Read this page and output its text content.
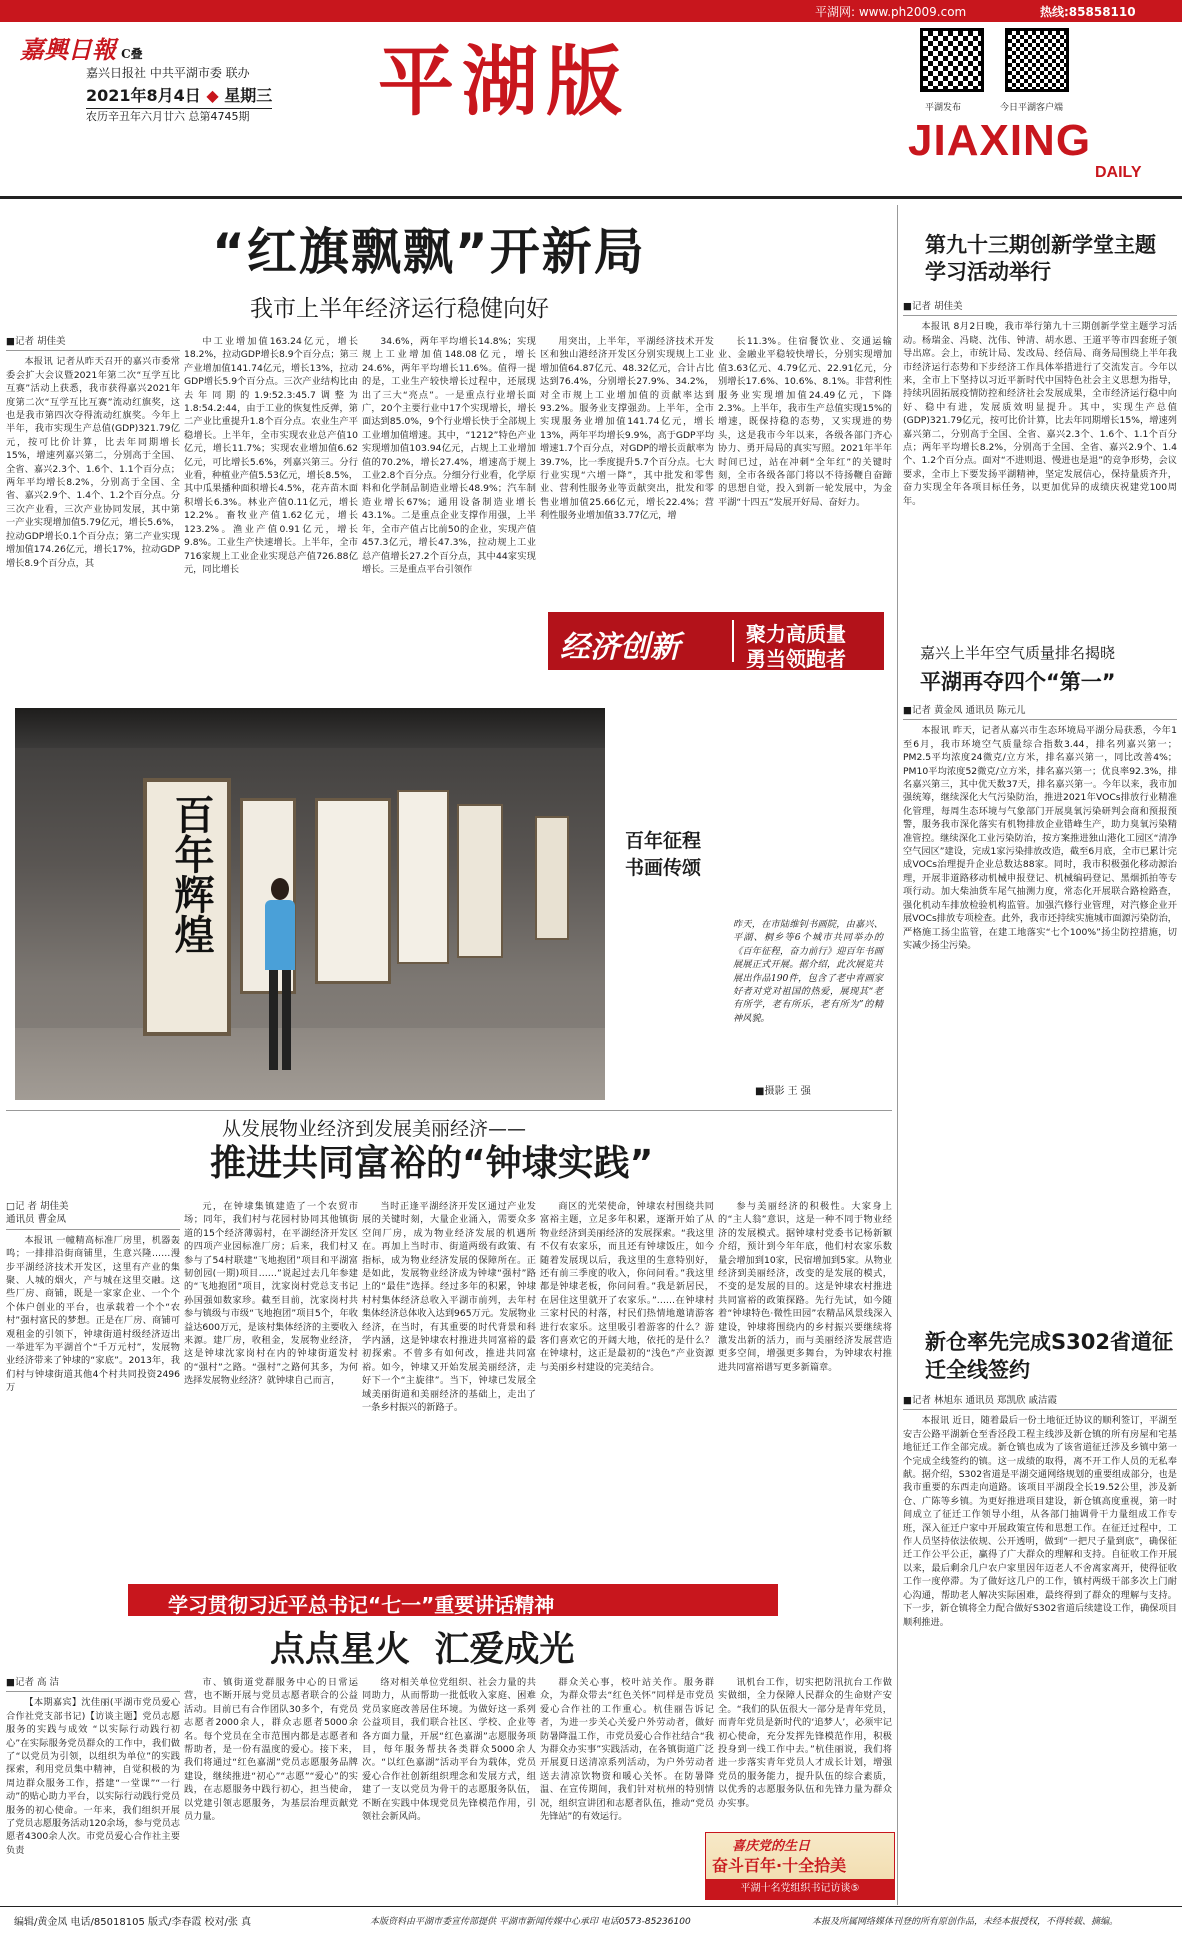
平湖网: www.ph2009.com	热线:85858110
嘉興日報 C叠
嘉兴日报社 中共平湖市委 联办
2021年8月4日 ◆ 星期三
农历辛丑年六月廿六 总第4745期 平湖版	平湖发布	今日平湖客户端
JIAXING
DAILY
“红旗飘飘”开新局
我市上半年经济运行稳健向好
■记者 胡佳美

本报讯 记者从昨天召开的嘉兴市委常委会扩大会议暨2021年第二次“互学互比互赛”活动上获悉，我市获得嘉兴2021年度第二次“互学互比互赛”流动红旗奖，这也是我市第四次夺得流动红旗奖。今年上半年，我市实现生产总值(GDP)321.79亿元，按可比价计算，比去年同期增长15%，增速列嘉兴第二，分别高于全国、全省、嘉兴2.3个、1.6个、1.1个百分点；两年平均增长8.2%，分别高于全国、全省、嘉兴2.9个、1.4个、1.2个百分点。分三次产业看，三次产业协同发展，其中第一产业实现增加值5.79亿元，增长5.6%，拉动GDP增长0.1个百分点；第二产业实现增加值174.26亿元，增长17%，拉动GDP增长8.9个百分点，其

中工业增加值163.24亿元，增长18.2%，拉动GDP增长8.9个百分点；第三产业增加值141.74亿元，增长13%，拉动GDP增长5.9个百分点。三次产业结构比由去年同期的1.9:52.3:45.7调整为1.8:54.2:44，由于工业的恢复性反弹，第二产业比重提升1.8个百分点。农业生产平稳增长。上半年，全市实现农业总产值10亿元，增长11.7%；实现农业增加值6.62亿元，可比增长5.6%，列嘉兴第三。分行业看，种植业产值5.53亿元，增长8.5%，其中瓜果播种面积增长4.5%，花卉苗木面积增长6.3%。林业产值0.11亿元，增长12.2%。畜牧业产值1.62亿元，增长123.2%。渔业产值0.91亿元，增长9.8%。工业生产快速增长。上半年，全市716家规上工业企业实现总产值726.88亿元，同比增长

34.6%，两年平均增长14.8%；实现规上工业增加值148.08亿元，增长24.6%，两年平均增长11.6%。值得一提的是，工业生产较快增长过程中，还展现出了三大“亮点”。一是重点行业增长面广，20个主要行业中17个实现增长，增长面达到85.0%，9个行业增长快于全部规上工业增加值增速。其中，“1212”特色产业实现增加值103.94亿元，占规上工业增加值的70.2%，增长27.4%，增速高于规上工业2.8个百分点。分细分行业看，化学原料和化学制品制造业增长48.9%；汽车制造业增长67%；通用设备制造业增长43.1%。二是重点企业支撑作用强，上半年，全市产值占比前50的企业，实现产值457.3亿元，增长47.3%，拉动规上工业总产值增长27.2个百分点，其中44家实现增长。三是重点平台引领作

用突出，上半年，平湖经济技术开发区和独山港经济开发区分别实现规上工业增加值64.87亿元、48.32亿元，合计占比达到76.4%，分别增长27.9%、34.2%，对全市规上工业增加值的贡献率达到93.2%。服务业支撑强劲。上半年，全市实现服务业增加值141.74亿元，增长13%，两年平均增长9.9%，高于GDP平均增速1.7个百分点，对GDP的增长贡献率为39.7%，比一季度提升5.7个百分点。七大行业实现“六增一降”，其中批发和零售业、营利性服务业等贡献突出，批发和零售业增加值25.66亿元，增长22.4%；营利性服务业增加值33.77亿元，增

长11.3%。住宿餐饮业、交通运输业、金融业平稳较快增长，分别实现增加值3.63亿元、4.79亿元、22.91亿元，分别增长17.6%、10.6%、8.1%。非营利性服务业实现增加值24.49亿元，下降2.3%。上半年，我市生产总值实现15%的增速，既保持稳的态势，又实现进的势头，这是我市今年以来，各级各部门齐心协力、勇开局局的真实写照。2021年半年时间已过，站在冲刺“全年红”的关键时刻，全市各级各部门将以不待扬鞭自奋蹄的思想自觉，投入到新一轮发展中，为金平湖“十四五”发展开好局、奋好力。

经济创新	聚力高质量
勇当领跑者
百年辉煌	百年征程
书画传颂
昨天，在市陆维钊书画院，由嘉兴、平湖、桐乡等6个城市共同举办的《百年征程，奋力前行》迎百年书画展展正式开展。据介绍，此次展览共展出作品190件，包含了老中青画家好者对党对祖国的热爱，展现其“老有所学，老有所乐，老有所为”的精神风貌。
■摄影 王 强
从发展物业经济到发展美丽经济——
推进共同富裕的“钟埭实践”
□记 者 胡佳美
通讯员 曹金凤

本报讯 一幢精高标准厂房里，机器轰鸣；一排排沿街商铺里，生意兴隆……漫步平湖经济技术开发区，这里有产业的集聚、人城的烟火，产与城在这里交融。这些厂房、商铺，既是一家家企业、一个个个体户创业的平台，也承载着一个个“农村”强村富民的梦想。正是在厂房、商铺可观租金的引领下，钟埭街道村级经济迈出一举进军为平湖首个“千万元村”，发展物业经济带来了钟埭的“家底”。2013年，我们村与钟埭街道其他4个村共同投资2496万

元，在钟埭集镇建造了一个农贸市场；同年，我们村与花园村协同其他镇街道的15个经济薄弱村，在平湖经济开发区的四项产业园标准厂房；后来，我们村又参与了54村联建“飞地抱团”项目和平湖富韧创园(一期)项目……”说起过去几年参建的“飞地抱团”项目，沈家岗村党总支书记孙国强如数家珍。截至目前，沈家岗村共参与镇级与市级“飞地抱团”项目5个，年收益达600万元，是该村集体经济的主要收入来源。建厂房，收租金，发展物业经济，这是钟埭沈家岗村在内的钟埭街道发村的“强村”之路。“强村”之路何其多，为何选择发展物业经济？就钟埭自己而言，

当时正逢平湖经济开发区通过产业发展的关键时刻，大量企业涌入，需要众多空间厂房，成为物业经济发展的机遇所在。再加上当时市、街道两级有政策、有指标，成为物业经济发展的保障所在。正是如此，发展物业经济成为钟埭“强村”路上的“最佳”选择。经过多年的积累，钟埭村村集体经济总收入平湖市前列，去年村集体经济总体收入达到965万元。发展物业经济，在当时，有其重要的时代背景和科学内涵，这是钟埭农村推进共同富裕的最初探索。不曾多有如何改，推进共同富裕。如今，钟埭又开始发展美丽经济，走好下一个“主旋律”。当下，钟埭已发展全域美丽街道和美丽经济的基础上，走出了一条乡村振兴的新路子。

商区的光荣使命，钟埭农村围绕共同富裕主题，立足多年积累，逐渐开始了从物业经济到美丽经济的发展探索。“我这里不仅有农家乐，而且还有钟埭饭庄，如今随着发展现以后，我这里的生意特别好，还有前三季度的收入，你问问看。”我这里都是钟埭老板，你问问看。”我是新居民，在居住这里就开了农家乐。”……在钟埭村三家村民的村落，村民们热情地邀请游客进行农家乐。这里吸引着游客的什么？游客们喜欢它的开阔大地，依托的是什么？在钟埭村，这正是最初的“浅色”产业资源与美丽乡村建设的完美结合。

参与美丽经济的积极性。大家身上的“主人翁”意识，这是一种不同于物业经济的发展模式。据钟埭村党委书记杨新颖介绍，预计到今年年底，他们村农家乐数量会增加到10家，民宿增加到5家。从物业经济到美丽经济，改变的是发展的模式，不变的是发展的目的。这是钟埭农村推进共同富裕的政策探路。先行先试，如今随着“钟埭特色·微性田园”农精品风景线深入建设，钟埭将围绕内的乡村振兴要继续将激发出新的活力，而与美丽经济发展营造更多空间，增强更多舞台，为钟埭农村推进共同富裕谱写更多新篇章。

学习贯彻习近平总书记“七一”重要讲话精神
点点星火  汇爱成光
■记者 高 洁

【本期嘉宾】沈佳丽(平湖市党员爱心合作社党支部书记)【访谈主题】党员志愿服务的实践与成效 “以实际行动践行初心”在实际服务党员群众的工作中，我们做了“以党员为引领，以组织为单位”的实践探索，利用党员集中精神，自觉积极的为周边群众服务工作，搭建“一堂课”“一行动”的贴心助力平台，以实际行动践行党员服务的初心使命。一年来，我们组织开展了党员志愿服务活动120余场，参与党员志愿者4300余人次。市党员爱心合作社主要负责

市、镇街道党群服务中心的日常运营，也不断开展与党员志愿者联合的公益活动。目前已有合作团队30多个，有党员志愿者2000余人，群众志愿者5000余名。每个党员在全市范围内都是志愿者和帮助者，是一份有温度的爱心。接下来，我们将通过“红色嘉湖”党员志愿服务品牌建设，继续推进“初心”“志愿”“爱心”的实践，在志愿服务中践行初心，担当使命，以党建引领志愿服务，为基层治理贡献党员力量。

络对相关单位党组织、社会力量的共同助力，从而帮助一批低收入家庭、困难党员家庭改善居住环境。为做好这一系列公益项目，我们联合社区、学校、企业等各方面力量，开展“红色嘉湖”志愿服务项目，每年服务帮扶各类群众5000余人次。“以红色嘉湖”活动平台为载体，党员爱心合作社创新组织理念和发展方式，组建了一支以党员为骨干的志愿服务队伍，不断在实践中体现党员先锋模范作用，引领社会新风尚。

群众关心事，校叶站关作。服务群众，为群众带去“红色关怀”同样是市党员爱心合作社的工作重心。杭佳丽告诉记者，为进一步关心关爱户外劳动者，做好防暑降温工作，市党员爱心合作社结合“我为群众办实事”实践活动，在各镇街道广泛开展夏日送清凉系列活动，为户外劳动者送去清凉饮物资和暖心关怀。在防暑降温、在宣传期间，我们针对杭州的特别情况，组织宣讲团和志愿者队伍，推动“党员先锋站”的有效运行。

讯机台工作，切实把防汛抗台工作做实做细，全力保障人民群众的生命财产安全。“我们的队伍很大一部分是青年党员，而青年党员是新时代的‘追梦人’，必须牢记初心使命，充分发挥先锋模范作用，积极投身到一线工作中去。”杭佳丽说，我们将进一步落实青年党员人才成长计划，增强党员的服务能力，提升队伍的综合素质，以优秀的志愿服务队伍和先锋力量为群众办实事。

喜庆党的生日
奋斗百年·十全拾美
平湖十名党组织书记访谈⑤
第九十三期创新学堂主题学习活动举行
■记者 胡佳美

本报讯 8月2日晚，我市举行第九十三期创新学堂主题学习活动。杨瑞金、冯晓、沈伟、钟清、胡水恩、王道平等市四套班子领导出席。会上，市统计局、发改局、经信局、商务局围绕上半年我市经济运行态势和下步经济工作具体举措进行了交流发言。今年以来，全市上下坚持以习近平新时代中国特色社会主义思想为指导，持续巩固拓展疫情防控和经济社会发展成果，全市经济运行稳中向好、稳中有进，发展质效明显提升。其中，实现生产总值(GDP)321.79亿元，按可比价计算，比去年同期增长15%，增速列嘉兴第二，分别高于全国、全省、嘉兴2.3个、1.6个、1.1个百分点；两年平均增长8.2%，分别高于全国、全省、嘉兴2.9个、1.4个、1.2个百分点。面对“不进则退、慢进也是退”的竞争形势，会议要求，全市上下要发扬平湖精神，坚定发展信心，保持量质齐升，奋力实现全年各项目标任务，以更加优异的成绩庆祝建党100周年。

嘉兴上半年空气质量排名揭晓
平湖再夺四个“第一”
■记者 黄金凤 通讯员 陈元儿

本报讯 昨天，记者从嘉兴市生态环境局平湖分局获悉，今年1至6月，我市环境空气质量综合指数3.44，排名列嘉兴第一；PM2.5平均浓度24微克/立方米，排名嘉兴第一，同比改善4%；PM10平均浓度52微克/立方米，排名嘉兴第一；优良率92.3%，排名嘉兴第三，其中优天数37天，排名嘉兴第一。今年以来，我市加强统筹，继续深化大气污染防治，推进2021年VOCs排放行业精准化管理，每周生态环境与气象部门开展臭氧污染研判会商和预报预警，服务我市深化落实有机物排放企业错峰生产，助力臭氧污染精准管控。继续深化工业污染防治，按方案推进独山港化工园区“清净空气园区”建设，完成1家污染排放改造，截至6月底，全市已累计完成VOCs治理提升企业总数达88家。同时，我市积极强化移动源治理，开展非道路移动机械申报登记、机械编码登记、黑烟抓拍等专项行动。加大柴油货车尾气抽测力度，常态化开展联合路检路查，强化机动车排放检验机构监管。加强汽修行业管理，对汽修企业开展VOCs排放专项检查。此外，我市还持续实施城市面源污染防治，严格施工扬尘监管，在建工地落实“七个100%”扬尘防控措施，切实减少扬尘污染。

新仓率先完成S302省道征迁全线签约
■记者 林旭东 通讯员 郑凯欣 戚洁霞

本报讯 近日，随着最后一份土地征迁协议的顺利签订，平湖至安吉公路平湖新仓至香泾段工程主线涉及新仓镇的所有房屋和宅基地征迁工作全部完成。新仓镇也成为了该省道征迁涉及乡镇中第一个完成全线签约的镇。这一成绩的取得，离不开工作人员的无私奉献。据介绍，S302省道是平湖交通网络规划的重要组成部分，也是我市重要的东西走向道路。该项目平湖段全长19.52公里，涉及新仓、广陈等乡镇。为更好推进项目建设，新仓镇高度重视，第一时间成立了征迁工作领导小组，从各部门抽调骨干力量组成工作专班，深入征迁户家中开展政策宣传和思想工作。在征迁过程中，工作人员坚持依法依规、公开透明，做到“一把尺子量到底”，确保征迁工作公平公正，赢得了广大群众的理解和支持。自征收工作开展以来，最后剩余几户农户家里因年迈老人不舍离家离开，使得征收工作一度停滞。为了做好这几户的工作，镇村两级干部多次上门耐心沟通，帮助老人解决实际困难，最终得到了群众的理解与支持。下一步，新仓镇将全力配合做好S302省道后续建设工作，确保项目顺利推进。

编辑/黄金凤 电话/85018105 版式/李春霞 校对/张 真	本版资料由平湖市委宣传部提供 平湖市新闻传媒中心承印 电话0573-85236100	本报及所属网络媒体刊登的所有原创作品，未经本报授权，不得转载、摘编。
